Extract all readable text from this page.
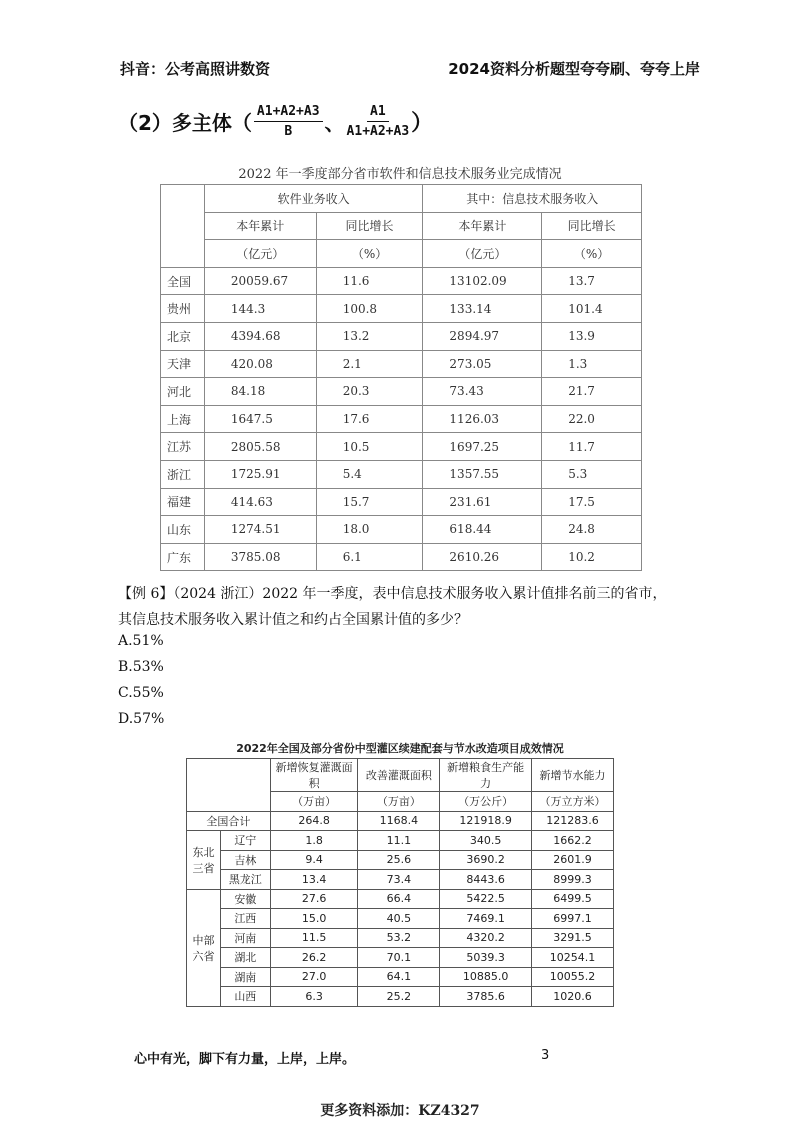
抖音：公考高照讲数资	2024资料分析题型夸夸刷、夸夸上岸
（2）多主体（ $\frac{A1+A2+A3}{B}$ 、 $\frac{A1}{A1+A2+A3}$ ）
2022 年一季度部分省市软件和信息技术服务业完成情况
	软件业务收入		其中：信息技术服务收入	
	本年累计	同比增长	本年累计	同比增长
	（亿元）	（%）	（亿元）	（%）
全国	20059.67	11.6	13102.09	13.7
贵州	144.3	100.8	133.14	101.4
北京	4394.68	13.2	2894.97	13.9
天津	420.08	2.1	273.05	1.3
河北	84.18	20.3	73.43	21.7
上海	1647.5	17.6	1126.03	22.0
江苏	2805.58	10.5	1697.25	11.7
浙江	1725.91	5.4	1357.55	5.3
福建	414.63	15.7	231.61	17.5
山东	1274.51	18.0	618.44	24.8
广东	3785.08	6.1	2610.26	10.2
【例 6】（2024 浙江）2022 年一季度，表中信息技术服务收入累计值排名前三的省市，其信息技术服务收入累计值之和约占全国累计值的多少？
A.51%
B.53%
C.55%
D.57%
2022年全国及部分省份中型灌区续建配套与节水改造项目成效情况
		新增恢复灌溉面积	改善灌溉面积	新增粮食生产能力	新增节水能力
		（万亩）	（万亩）	（万公斤）	（万立方米）
全国合计		264.8	1168.4	121918.9	121283.6

东北
三省	辽宁	1.8	11.1	340.5	1662.2
	吉林	9.4	25.6	3690.2	2601.9
	黑龙江	13.4	73.4	8443.6	8999.3

中部
六省	安徽	27.6	66.4	5422.5	6499.5
	江西	15.0	40.5	7469.1	6997.1
	河南	11.5	53.2	4320.2	3291.5
	湖北	26.2	70.1	5039.3	10254.1
	湖南	27.0	64.1	10885.0	10055.2
	山西	6.3	25.2	3785.6	1020.6
心中有光，脚下有力量，上岸，上岸。	3
更多资料添加：KZ4327
